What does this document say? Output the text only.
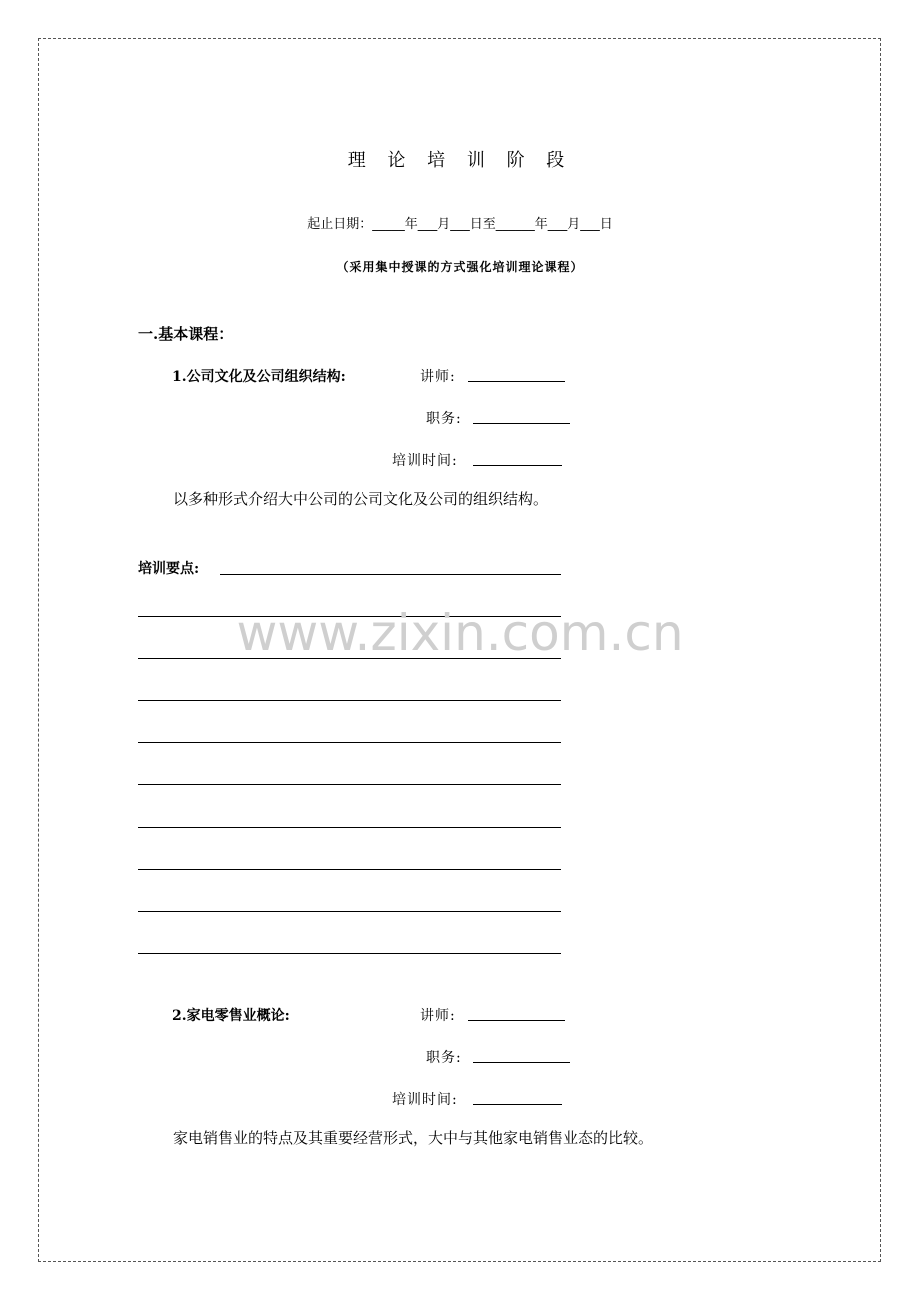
理 论 培 训 阶 段
起止日期：_____年___月___日至______年___月___日
（采用集中授课的方式强化培训理论课程）
一.基本课程：
1.公司文化及公司组织结构:	讲师:
职务:
培训时间:
以多种形式介绍大中公司的公司文化及公司的组织结构。
培训要点:
www.zixin.com.cn
2.家电零售业概论:	讲师:
职务:
培训时间:
家电销售业的特点及其重要经营形式，大中与其他家电销售业态的比较。
